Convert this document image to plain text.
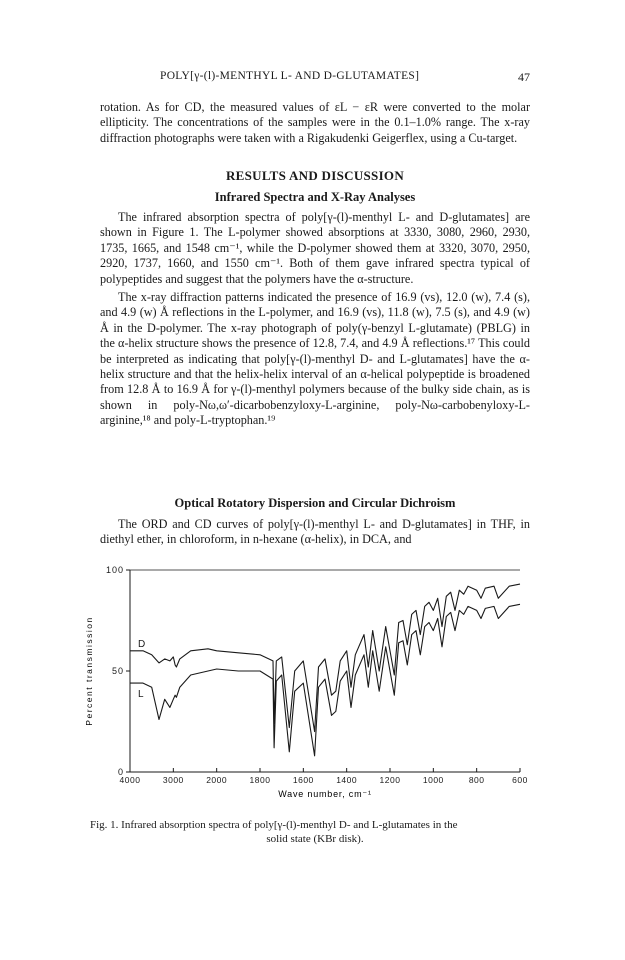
POLY[γ-(l)-MENTHYL L- AND D-GLUTAMATES]	47

rotation. As for CD, the measured values of εL − εR were converted to the molar ellipticity. The concentrations of the samples were in the 0.1–1.0% range. The x-ray diffraction photographs were taken with a Rigakudenki Geigerflex, using a Cu-target.

RESULTS AND DISCUSSION

Infrared Spectra and X-Ray Analyses

The infrared absorption spectra of poly[γ-(l)-menthyl L- and D-glutamates] are shown in Figure 1. The L-polymer showed absorptions at 3330, 3080, 2960, 2930, 1735, 1665, and 1548 cm⁻¹, while the D-polymer showed them at 3320, 3070, 2950, 2920, 1737, 1660, and 1550 cm⁻¹. Both of them gave infrared spectra typical of polypeptides and suggest that the polymers have the α-structure.

The x-ray diffraction patterns indicated the presence of 16.9 (vs), 12.0 (w), 7.4 (s), and 4.9 (w) Å reflections in the L-polymer, and 16.9 (vs), 11.8 (w), 7.5 (s), and 4.9 (w) Å in the D-polymer. The x-ray photograph of poly(γ-benzyl L-glutamate) (PBLG) in the α-helix structure shows the presence of 12.8, 7.4, and 4.9 Å reflections.¹⁷ This could be interpreted as indicating that poly[γ-(l)-menthyl D- and L-glutamates] have the α-helix structure and that the helix-helix interval of an α-helical polypeptide is broadened from 12.8 Å to 16.9 Å for γ-(l)-menthyl polymers because of the bulky side chain, as is shown in poly-Nω,ω′-dicarbobenzyloxy-L-arginine, poly-Nω-carbobenyloxy-L-arginine,¹⁸ and poly-L-tryptophan.¹⁹

Optical Rotatory Dispersion and Circular Dichroism

The ORD and CD curves of poly[γ-(l)-menthyl L- and D-glutamates] in THF, in diethyl ether, in chloroform, in n-hexane (α-helix), in DCA, and

0
50
100
4000	3000	2000	1800	1600	1400	1200	1000	800	600
D
L
Percent transmission
Wave number, cm⁻¹

Fig. 1. Infrared absorption spectra of poly[γ-(l)-menthyl D- and L-glutamates in the
solid state (KBr disk).
